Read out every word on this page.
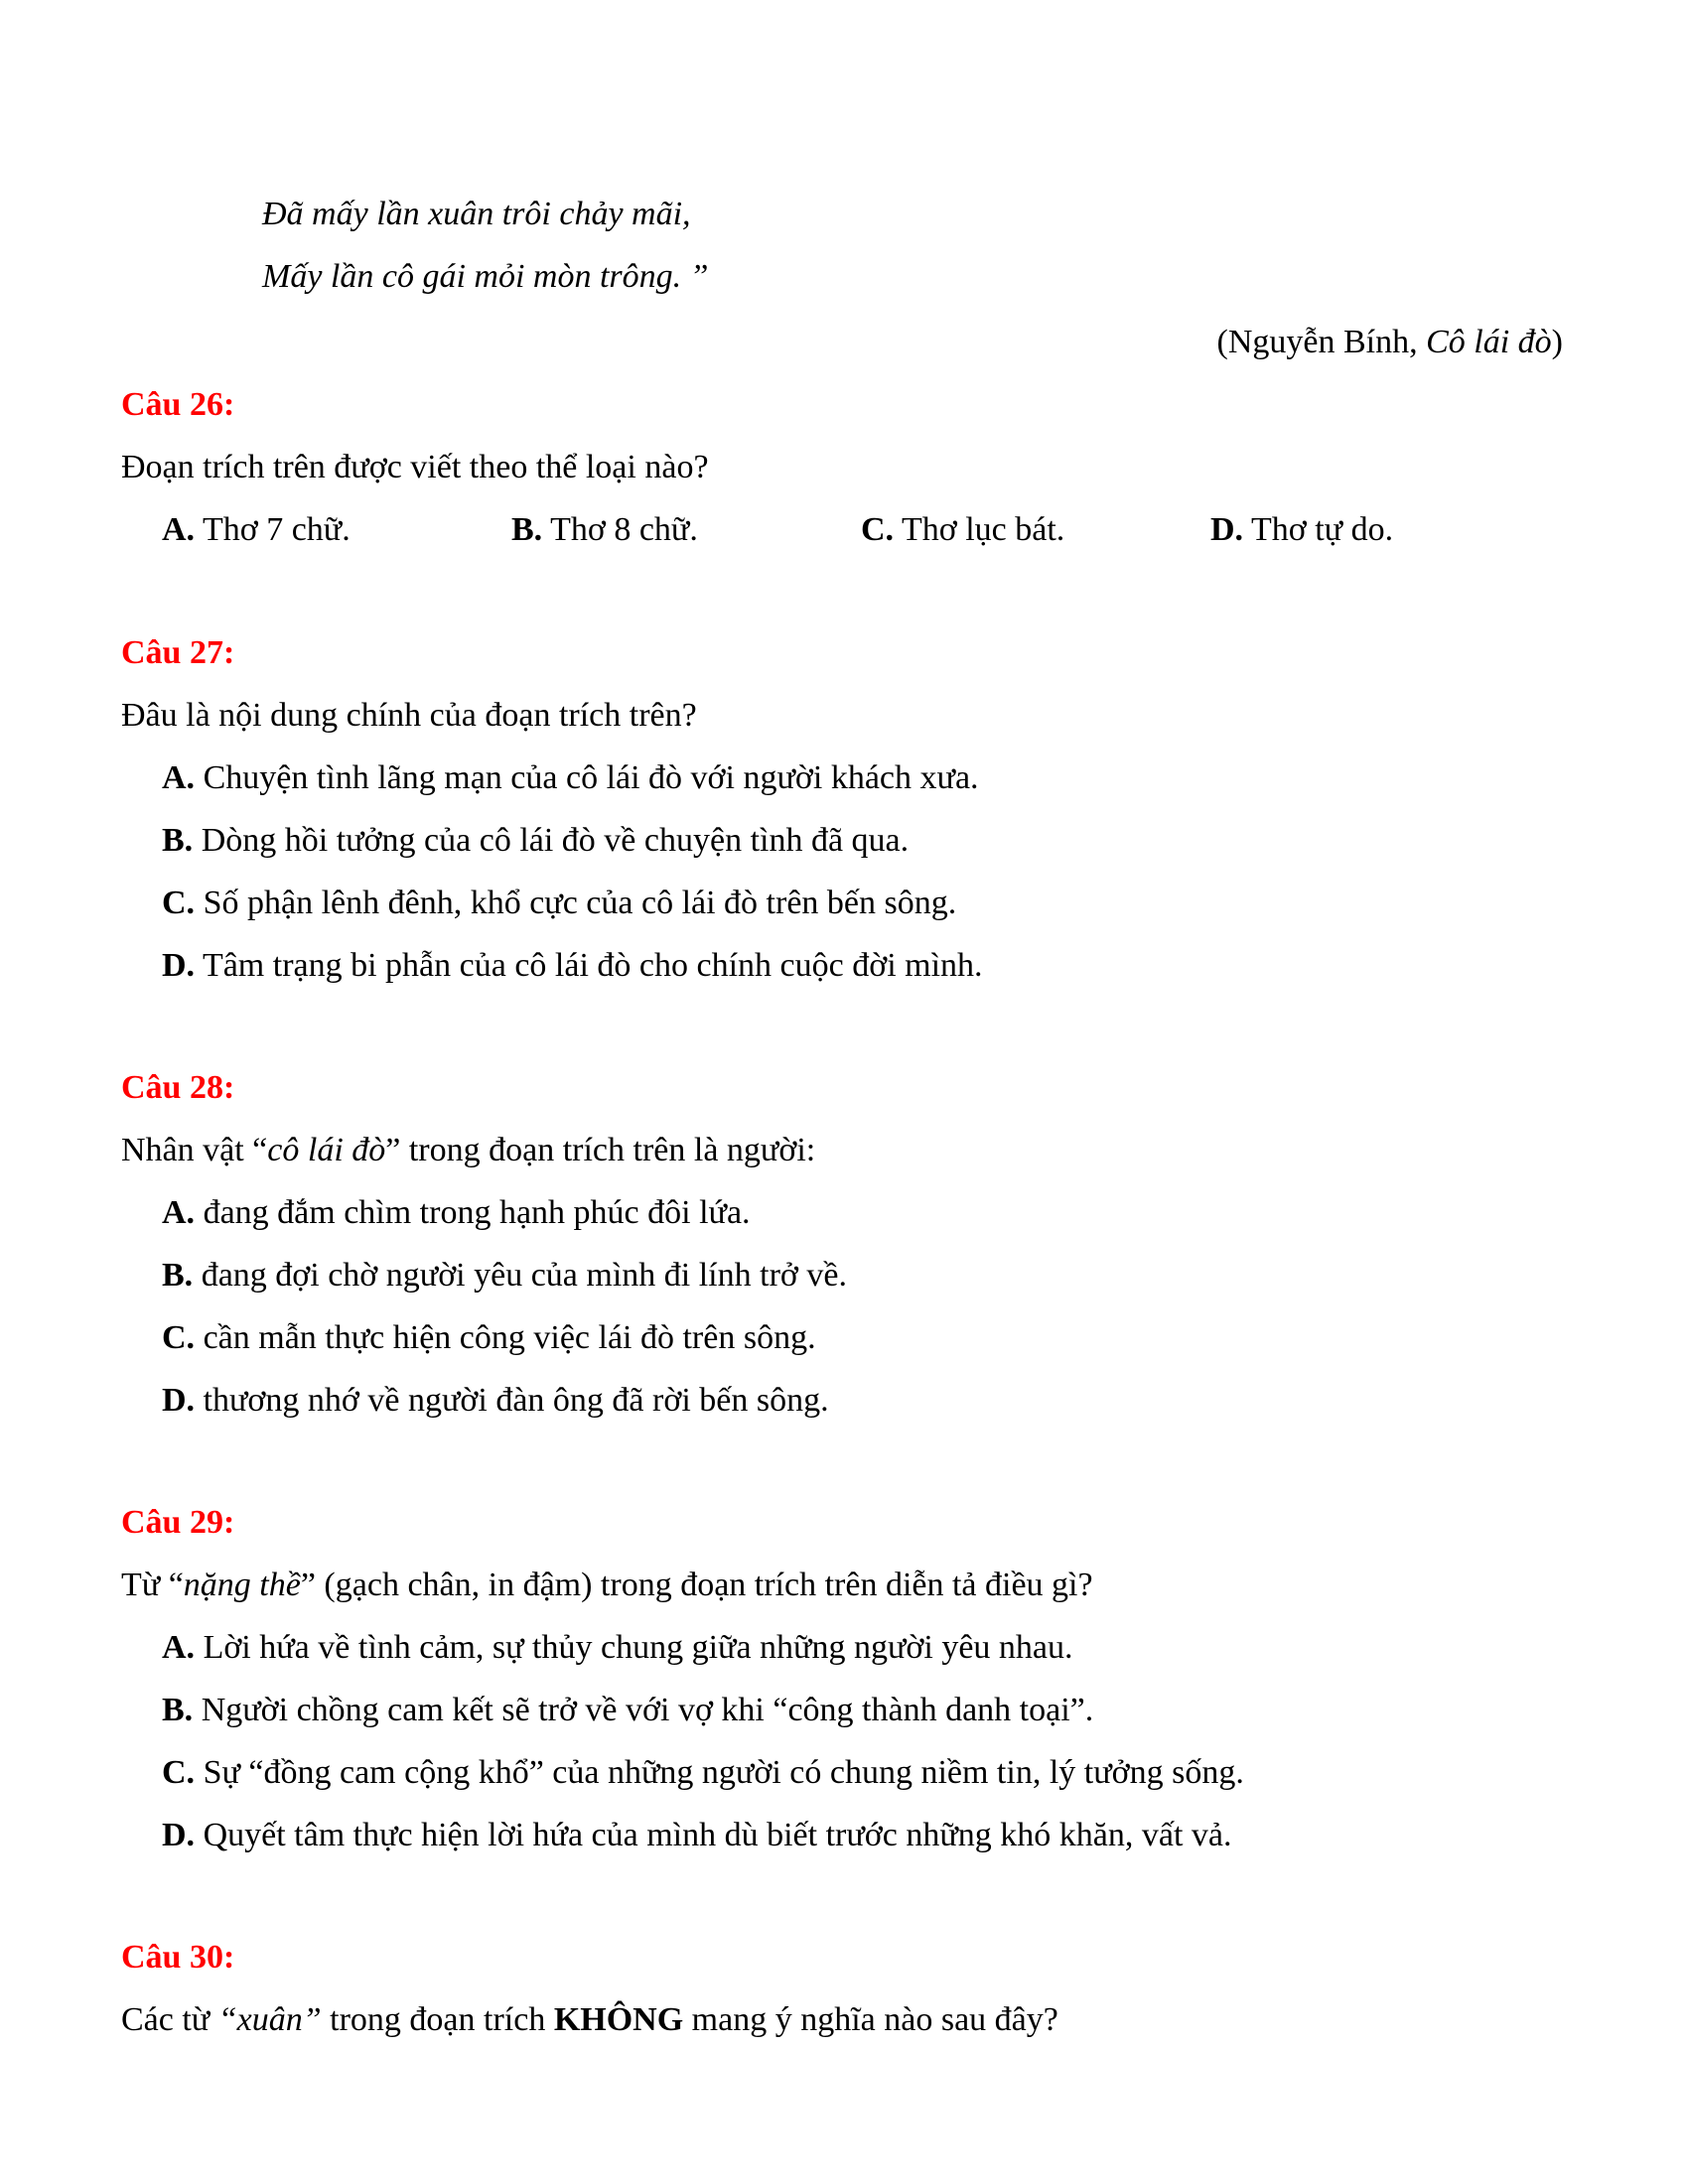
Đã mấy lần xuân trôi chảy mãi,
Mấy lần cô gái mỏi mòn trông. ”
(Nguyễn Bính, Cô lái đò)
Câu 26:
Đoạn trích trên được viết theo thể loại nào?
A. Thơ 7 chữ.	B. Thơ 8 chữ.	C. Thơ lục bát.	D. Thơ tự do.
Câu 27:
Đâu là nội dung chính của đoạn trích trên?
A. Chuyện tình lãng mạn của cô lái đò với người khách xưa.
B. Dòng hồi tưởng của cô lái đò về chuyện tình đã qua.
C. Số phận lênh đênh, khổ cực của cô lái đò trên bến sông.
D. Tâm trạng bi phẫn của cô lái đò cho chính cuộc đời mình.
Câu 28:
Nhân vật “cô lái đò” trong đoạn trích trên là người:
A. đang đắm chìm trong hạnh phúc đôi lứa.
B. đang đợi chờ người yêu của mình đi lính trở về.
C. cần mẫn thực hiện công việc lái đò trên sông.
D. thương nhớ về người đàn ông đã rời bến sông.
Câu 29:
Từ “nặng thề” (gạch chân, in đậm) trong đoạn trích trên diễn tả điều gì?
A. Lời hứa về tình cảm, sự thủy chung giữa những người yêu nhau.
B. Người chồng cam kết sẽ trở về với vợ khi “công thành danh toại”.
C. Sự “đồng cam cộng khổ” của những người có chung niềm tin, lý tưởng sống.
D. Quyết tâm thực hiện lời hứa của mình dù biết trước những khó khăn, vất vả.
Câu 30:
Các từ “xuân” trong đoạn trích KHÔNG mang ý nghĩa nào sau đây?
